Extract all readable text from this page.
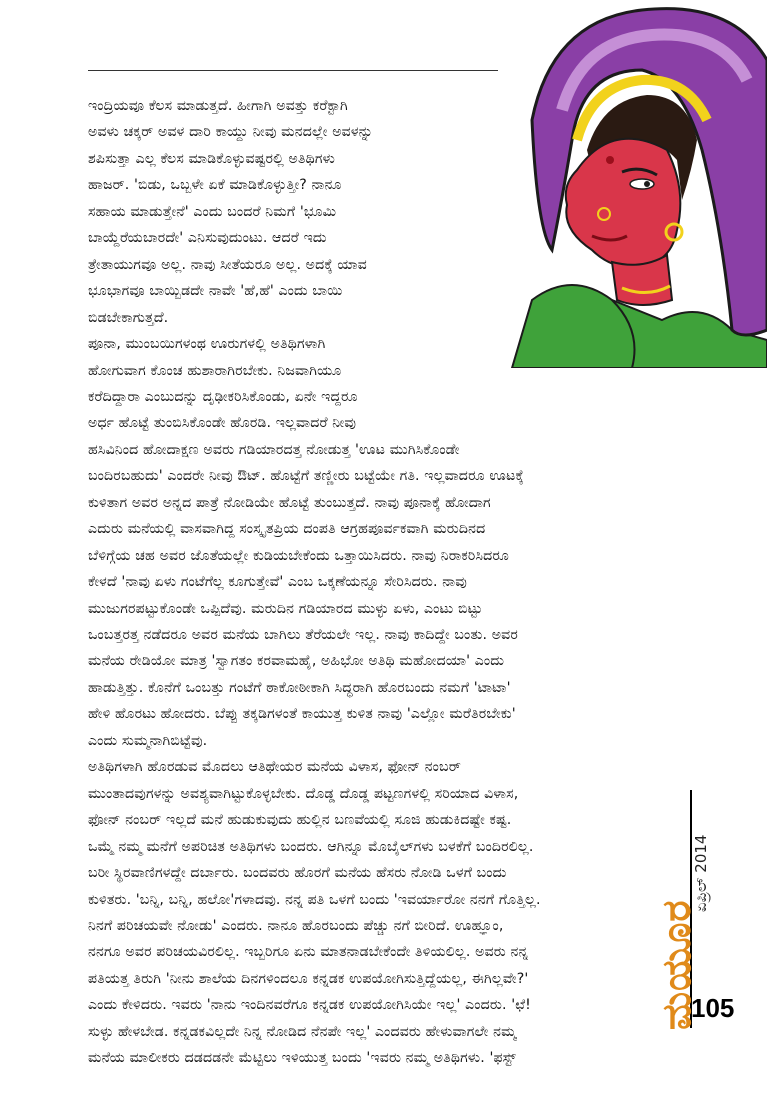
ಇಂದ್ರಿಯವೂ ಕೆಲಸ ಮಾಡುತ್ತದೆ. ಹೀಗಾಗಿ ಅವತ್ತು ಕರೆಕ್ಟಾಗಿ
ಅವಳು ಚಕ್ಕರ್ ಅವಳ ದಾರಿ ಕಾಯ್ದು ನೀವು ಮನದಲ್ಲೇ ಅವಳನ್ನು
ಶಪಿಸುತ್ತಾ ಎಲ್ಲ ಕೆಲಸ ಮಾಡಿಕೊಳ್ಳುವಷ್ಟರಲ್ಲಿ ಅತಿಥಿಗಳು
ಹಾಜರ್. 'ಬಿಡು, ಒಬ್ಬಳೇ ಏಕೆ ಮಾಡಿಕೊಳ್ಳುತ್ತೀ? ನಾನೂ
ಸಹಾಯ ಮಾಡುತ್ತೇನೆ' ಎಂದು ಬಂದರೆ ನಿಮಗೆ 'ಭೂಮಿ
ಬಾಯ್ದೆರೆಯಬಾರದೇ' ಎನಿಸುವುದುಂಟು. ಆದರೆ ಇದು
ತ್ರೇತಾಯುಗವೂ ಅಲ್ಲ. ನಾವು ಸೀತೆಯರೂ ಅಲ್ಲ. ಅದಕ್ಕೆ ಯಾವ
ಭೂಭಾಗವೂ ಬಾಯ್ಬಿಡದೇ ನಾವೇ 'ಹೆ,ಹೆ' ಎಂದು ಬಾಯಿ
ಬಿಡಬೇಕಾಗುತ್ತದೆ.
ಪೂನಾ, ಮುಂಬಯಿಗಳಂಥ ಊರುಗಳಲ್ಲಿ ಅತಿಥಿಗಳಾಗಿ
ಹೋಗುವಾಗ ಕೊಂಚ ಹುಶಾರಾಗಿರಬೇಕು. ನಿಜವಾಗಿಯೂ
ಕರೆದಿದ್ದಾರಾ ಎಂಬುದನ್ನು ದೃಢೀಕರಿಸಿಕೊಂಡು, ಏನೇ ಇದ್ದರೂ
ಅರ್ಧ ಹೊಟ್ಟೆ ತುಂಬಿಸಿಕೊಂಡೇ ಹೊರಡಿ. ಇಲ್ಲವಾದರೆ ನೀವು
ಹಸಿವಿನಿಂದ ಹೋದಾಕ್ಷಣ ಅವರು ಗಡಿಯಾರದತ್ತ ನೋಡುತ್ತ 'ಊಟ ಮುಗಿಸಿಕೊಂಡೇ
ಬಂದಿರಬಹುದು' ಎಂದರೇ ನೀವು ಔಟ್. ಹೊಟ್ಟೆಗೆ ತಣ್ಣೀರು ಬಟ್ಟೆಯೇ ಗತಿ. ಇಲ್ಲವಾದರೂ ಊಟಕ್ಕೆ
ಕುಳಿತಾಗ ಅವರ ಅನ್ನದ ಪಾತ್ರೆ ನೋಡಿಯೇ ಹೊಟ್ಟೆ ತುಂಬುತ್ತದೆ. ನಾವು ಪೂನಾಕ್ಕೆ ಹೋದಾಗ
ಎದುರು ಮನೆಯಲ್ಲಿ ವಾಸವಾಗಿದ್ದ ಸಂಸ್ಕೃತಪ್ರಿಯ ದಂಪತಿ ಆಗ್ರಹಪೂರ್ವಕವಾಗಿ ಮರುದಿನದ
ಬೆಳಿಗ್ಗೆಯ ಚಹ ಅವರ ಜೊತೆಯಲ್ಲೇ ಕುಡಿಯಬೇಕೆಂದು ಒತ್ತಾಯಿಸಿದರು. ನಾವು ನಿರಾಕರಿಸಿದರೂ
ಕೇಳದೆ 'ನಾವು ಏಳು ಗಂಟೆಗೆಲ್ಲ ಕೂಗುತ್ತೇವೆ' ಎಂಬ ಒಕ್ಕಣೆಯನ್ನೂ ಸೇರಿಸಿದರು. ನಾವು
ಮುಜುಗರಪಟ್ಟುಕೊಂಡೇ ಒಪ್ಪಿದೆವು. ಮರುದಿನ ಗಡಿಯಾರದ ಮುಳ್ಳು ಏಳು, ಎಂಟು ಬಿಟ್ಟು
ಒಂಬತ್ತರತ್ತ ನಡೆದರೂ ಅವರ ಮನೆಯ ಬಾಗಿಲು ತೆರೆಯಲೇ ಇಲ್ಲ. ನಾವು ಕಾದಿದ್ದೇ ಬಂತು. ಅವರ
ಮನೆಯ ರೇಡಿಯೋ ಮಾತ್ರ 'ಸ್ವಾಗತಂ ಕರವಾಮಹೈ, ಅಹಿಭೋ ಅತಿಥಿ ಮಹೋದಯಾ' ಎಂದು
ಹಾಡುತ್ತಿತ್ತು. ಕೊನೆಗೆ ಒಂಬತ್ತು ಗಂಟೆಗೆ ಠಾಕೋಠೀಕಾಗಿ ಸಿದ್ಧರಾಗಿ ಹೊರಬಂದು ನಮಗೆ 'ಟಾಟಾ'
ಹೇಳಿ ಹೊರಟು ಹೋದರು. ಬೆಪ್ಪು ತಕ್ಕಡಿಗಳಂತೆ ಕಾಯುತ್ತ ಕುಳಿತ ನಾವು 'ಎಲ್ಲೋ ಮರೆತಿರಬೇಕು'
ಎಂದು ಸುಮ್ಮನಾಗಿಬಿಟ್ಟೆವು.
ಅತಿಥಿಗಳಾಗಿ ಹೊರಡುವ ಮೊದಲು ಆತಿಥೇಯರ ಮನೆಯ ವಿಳಾಸ, ಫೋನ್ ನಂಬರ್
ಮುಂತಾದವುಗಳನ್ನು ಅವಶ್ಯವಾಗಿಟ್ಟುಕೊಳ್ಳಬೇಕು. ದೊಡ್ಡ ದೊಡ್ಡ ಪಟ್ಟಣಗಳಲ್ಲಿ ಸರಿಯಾದ ವಿಳಾಸ,
ಫೋನ್ ನಂಬರ್ ಇಲ್ಲದೆ ಮನೆ ಹುಡುಕುವುದು ಹುಲ್ಲಿನ ಬಣವೆಯಲ್ಲಿ ಸೂಜಿ ಹುಡುಕಿದಷ್ಟೇ ಕಷ್ಟ.
ಒಮ್ಮೆ ನಮ್ಮ ಮನೆಗೆ ಅಪರಿಚಿತ ಅತಿಥಿಗಳು ಬಂದರು. ಆಗಿನ್ನೂ ಮೊಬೈಲ್‌ಗಳು ಬಳಕೆಗೆ ಬಂದಿರಲಿಲ್ಲ.
ಬರೀ ಸ್ಥಿರವಾಣಿಗಳದ್ದೇ ದರ್ಬಾರು. ಬಂದವರು ಹೊರಗೆ ಮನೆಯ ಹೆಸರು ನೋಡಿ ಒಳಗೆ ಬಂದು
ಕುಳಿತರು. 'ಬನ್ನಿ, ಬನ್ನಿ, ಹಲೋ'ಗಳಾದವು. ನನ್ನ ಪತಿ ಒಳಗೆ ಬಂದು 'ಇವರ್ಯಾರೋ ನನಗೆ ಗೊತ್ತಿಲ್ಲ.
ನಿನಗೆ ಪರಿಚಯವೇ ನೋಡು' ಎಂದರು. ನಾನೂ ಹೊರಬಂದು ಪೆಚ್ಚು ನಗೆ ಬೀರಿದೆ. ಊಹ್ಞೂಂ,
ನನಗೂ ಅವರ ಪರಿಚಯವಿರಲಿಲ್ಲ. ಇಬ್ಬರಿಗೂ ಏನು ಮಾತನಾಡಬೇಕೆಂದೇ ತಿಳಿಯಲಿಲ್ಲ. ಅವರು ನನ್ನ
ಪತಿಯತ್ತ ತಿರುಗಿ 'ನೀನು ಶಾಲೆಯ ದಿನಗಳಿಂದಲೂ ಕನ್ನಡಕ ಉಪಯೋಗಿಸುತ್ತಿದ್ದೆಯಲ್ಲ, ಈಗಿಲ್ಲವೇ?'
ಎಂದು ಕೇಳಿದರು. ಇವರು 'ನಾನು ಇಂದಿನವರೆಗೂ ಕನ್ನಡಕ ಉಪಯೋಗಿಸಿಯೇ ಇಲ್ಲ' ಎಂದರು. 'ಛೆ!
ಸುಳ್ಳು ಹೇಳಬೇಡ. ಕನ್ನಡಕವಿಲ್ಲದೇ ನಿನ್ನ ನೋಡಿದ ನೆನಪೇ ಇಲ್ಲ' ಎಂದವರು ಹೇಳುವಾಗಲೇ ನಮ್ಮ
ಮನೆಯ ಮಾಲೀಕರು ದಡದಡನೇ ಮೆಟ್ಟಿಲು ಇಳಿಯುತ್ತ ಬಂದು 'ಇವರು ನಮ್ಮ ಅತಿಥಿಗಳು. 'ಫಸ್ಟ್
ಮಯೂರ
ಏಪ್ರಿಲ್ 2014
105
